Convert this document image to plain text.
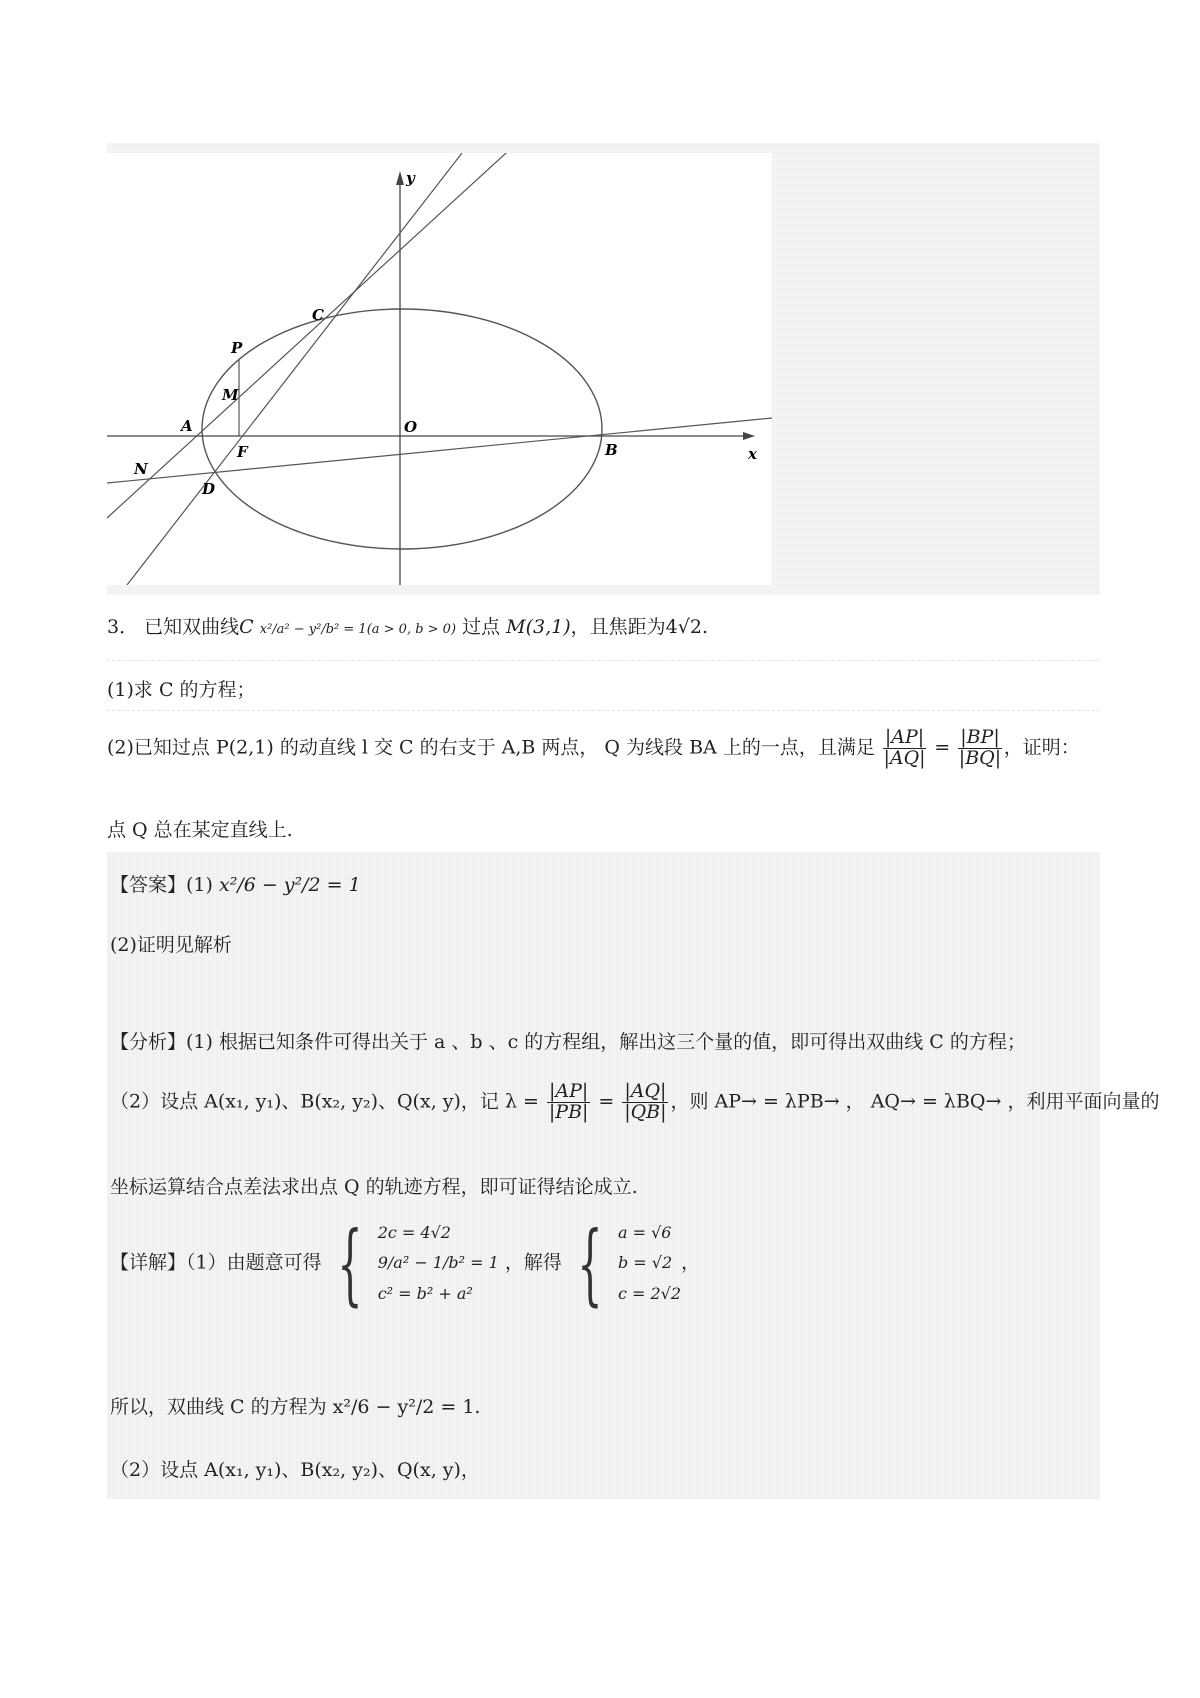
y
x
C
P
M
A
F
O
B
N
D
3． 已知双曲线C x²/a² − y²/b² = 1(a > 0, b > 0) 过点 M(3,1)，且焦距为4√2.
(1)求 C 的方程；
(2)已知过点 P(2,1) 的动直线 l 交 C 的右支于 A,B 两点， Q 为线段 BA 上的一点，且满足 $\frac{|AP|}{|AQ|} = \frac{|BP|}{|BQ|}$ ，证明：
点 Q 总在某定直线上.
【答案】(1) x²/6 − y²/2 = 1
(2)证明见解析
【分析】(1) 根据已知条件可得出关于 a 、b 、c 的方程组，解出这三个量的值，即可得出双曲线 C 的方程；
（2）设点 A(x₁, y₁)、B(x₂, y₂)、Q(x, y)，记 $\lambda = \frac{|AP|}{|PB|} = \frac{|AQ|}{|QB|}$ ，则 AP→ = λPB→ ， AQ→ = λBQ→ ，利用平面向量的
坐标运算结合点差法求出点 Q 的轨迹方程，即可证得结论成立.
【详解】（1）由题意可得 { 2c = 4√2
9/a² − 1/b² = 1
c² = b² + a²
，解得 { a = √6
b = √2
c = 2√2
，
所以，双曲线 C 的方程为 x²/6 − y²/2 = 1.
（2）设点 A(x₁, y₁)、B(x₂, y₂)、Q(x, y)，
